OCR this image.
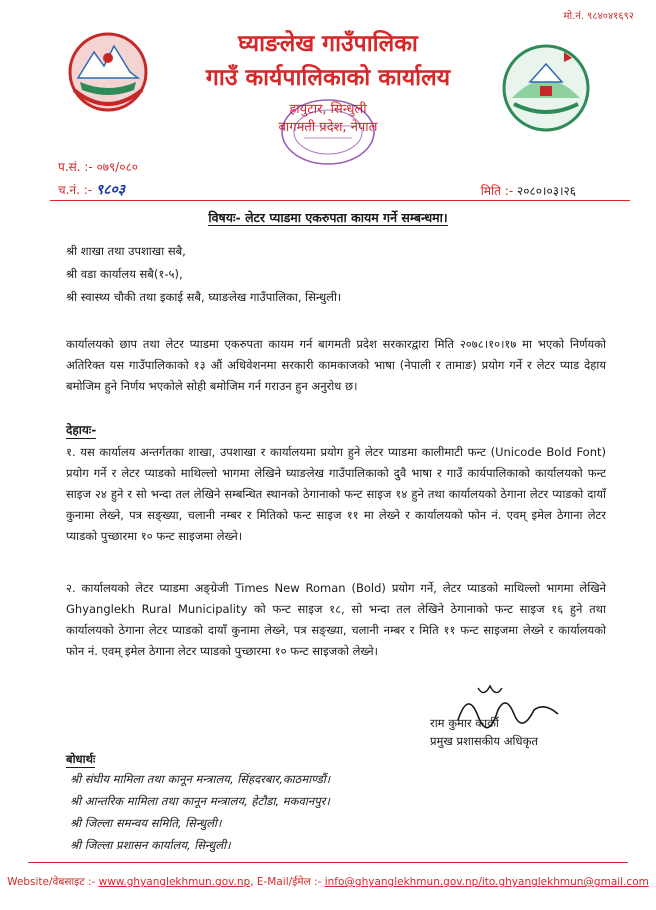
मो.नं. ९८४०४१६९२
घ्याङलेख गाउँपालिका
गाउँ कार्यपालिकाको कार्यालय
हायुटार, सिन्धुली
बागमती प्रदेश, नेपाल
प.सं. :- ०७९/०८०
च.नं. :- ९८०३	मिति :- २०८०।०३।२६
विषयः- लेटर प्याडमा एकरुपता कायम गर्ने सम्बन्धमा।
श्री शाखा तथा उपशाखा सबै,
श्री वडा कार्यालय सबै(१-५),
श्री स्वास्थ्य चौकी तथा इकाई सबै, घ्याङलेख गाउँपालिका, सिन्धुली।
कार्यालयको छाप तथा लेटर प्याडमा एकरुपता कायम गर्न बागमती प्रदेश सरकारद्वारा मिति २०७८।१०।१७ मा भएको निर्णयको अतिरिक्त यस गाउँपालिकाको १३ औं अधिवेशनमा सरकारी कामकाजको भाषा (नेपाली र तामाङ) प्रयोग गर्ने र लेटर प्याड देहाय बमोजिम हुने निर्णय भएकोले सोही बमोजिम गर्न गराउन हुन अनुरोध छ।
देहायः-
१. यस कार्यालय अन्तर्गतका शाखा, उपशाखा र कार्यालयमा प्रयोग हुने लेटर प्याडमा कालीमाटी फन्ट (Unicode Bold Font) प्रयोग गर्ने र लेटर प्याडको माथिल्लो भागमा लेखिने घ्याङलेख गाउँपालिकाको दुवै भाषा र गाउँ कार्यपालिकाको कार्यालयको फन्ट साइज २४ हुने र सो भन्दा तल लेखिने सम्बन्धित स्थानको ठेगानाको फन्ट साइज १४ हुने तथा कार्यालयको ठेगाना लेटर प्याडको दायाँ कुनामा लेख्ने, पत्र सङ्ख्या, चलानी नम्बर र मितिको फन्ट साइज ११ मा लेख्ने र कार्यालयको फोन नं. एवम् इमेल ठेगाना लेटर प्याडको पुच्छारमा १० फन्ट साइजमा लेख्ने।
२. कार्यालयको लेटर प्याडमा अङ्ग्रेजी Times New Roman (Bold) प्रयोग गर्ने, लेटर प्याडको माथिल्लो भागमा लेखिने Ghyanglekh Rural Municipality को फन्ट साइज १८, सो भन्दा तल लेखिने ठेगानाको फन्ट साइज १६ हुने तथा कार्यालयको ठेगाना लेटर प्याडको दायाँ कुनामा लेख्ने, पत्र सङ्ख्या, चलानी नम्बर र मिति ११ फन्ट साइजमा लेख्ने र कार्यालयको फोन नं. एवम् इमेल ठेगाना लेटर प्याडको पुच्छारमा १० फन्ट साइजको लेख्ने।
राम कुमार कार्की
प्रमुख प्रशासकीय अधिकृत
बोधार्थः
श्री संघीय मामिला तथा कानून मन्त्रालय, सिंहदरबार,काठमाण्डौं।
श्री आन्तरिक मामिला तथा कानून मन्त्रालय, हेटौडा, मकवानपुर।
श्री जिल्ला समन्वय समिति, सिन्धुली।
श्री जिल्ला प्रशासन कार्यालय, सिन्धुली।
Website/वेबसाइट :- www.ghyanglekhmun.gov.np, E-Mail/ईमेल :- info@ghyanglekhmun.gov.np/ito.ghyanglekhmun@gmail.com
